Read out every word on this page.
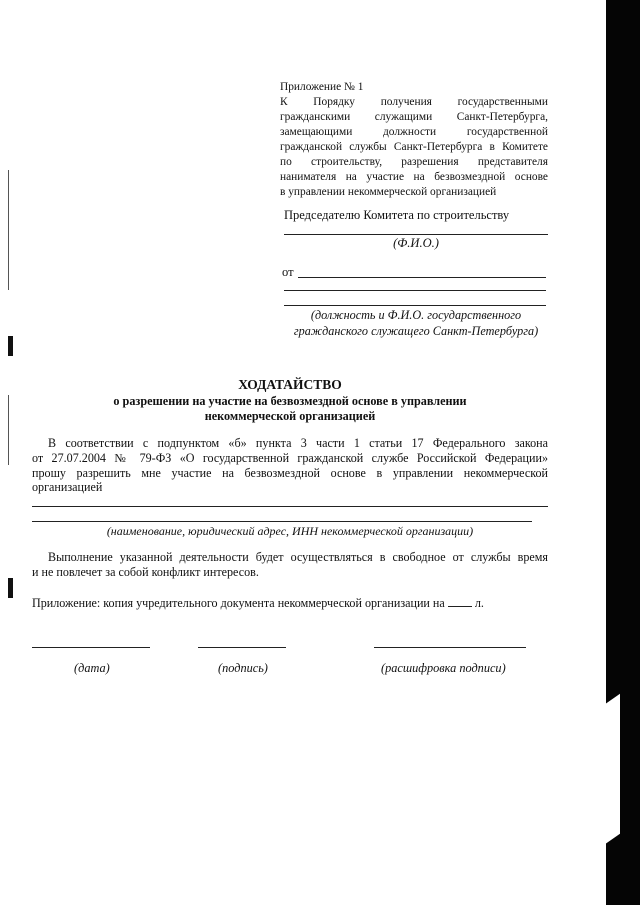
Приложение № 1
К Порядку получения государственными
гражданскими служащими Санкт-Петербурга,
замещающими	должности	государственной
гражданской службы Санкт-Петербурга в Комитете
по строительству, разрешения представителя
нанимателя на участие на безвозмездной основе
в управлении некоммерческой организацией
Председателю Комитета по строительству
(Ф.И.О.)
от
(должность и Ф.И.О. государственного
гражданского служащего Санкт-Петербурга)
ХОДАТАЙСТВО
о разрешении на участие на безвозмездной основе в управлении
некоммерческой организацией
В соответствии с подпунктом «б» пункта 3 части 1 статьи 17 Федерального закона
от 27.07.2004 № 79-ФЗ «О государственной гражданской службе Российской Федерации»
прошу разрешить мне участие на безвозмездной основе в управлении некоммерческой
организацией
(наименование, юридический адрес, ИНН некоммерческой организации)
Выполнение указанной деятельности будет осуществляться в свободное от службы время
и не повлечет за собой конфликт интересов.
Приложение: копия учредительного документа некоммерческой организации на л.
(дата)	(подпись)	(расшифровка подписи)
